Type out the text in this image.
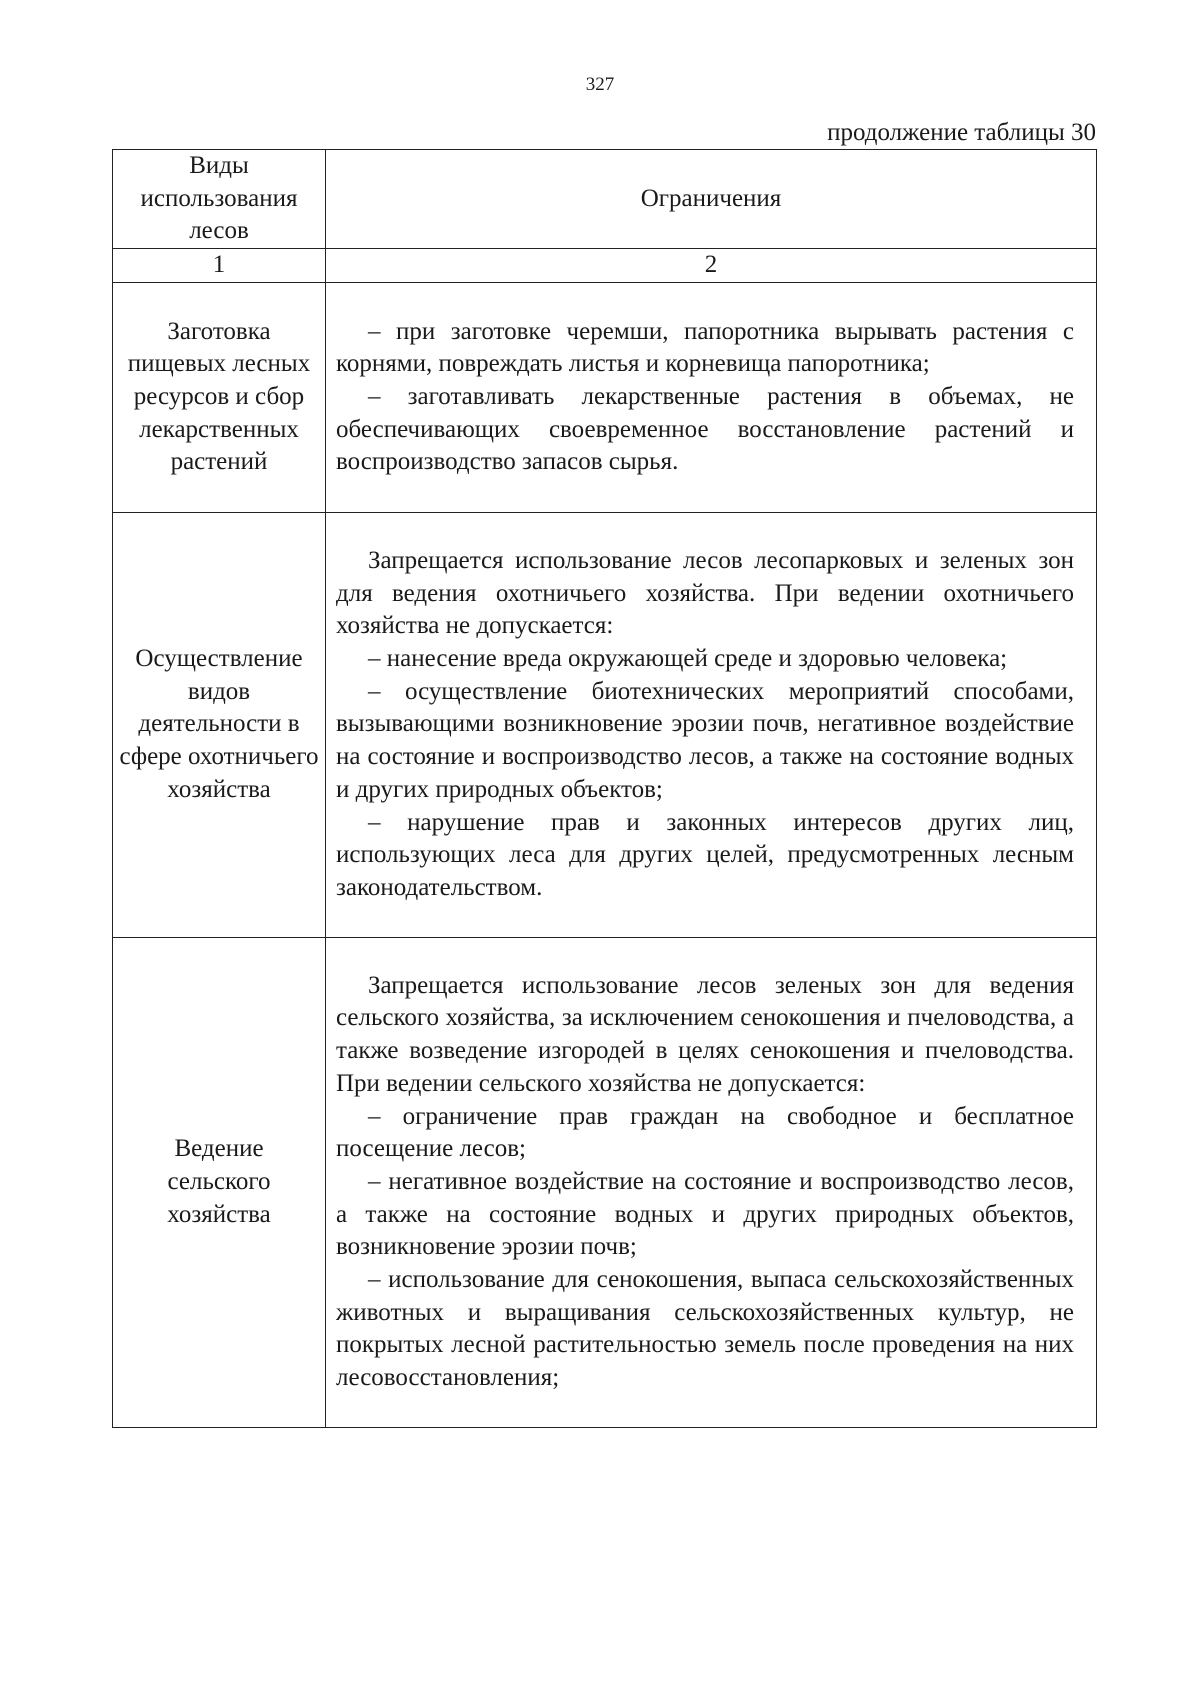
327
продолжение таблицы 30
Виды использования лесов	Ограничения
1	2
Заготовка пищевых лесных ресурсов и сбор лекарственных растений	– при заготовке черемши, папоротника вырывать растения с корнями, повреждать листья и корневища папоротника;

– заготавливать лекарственные растения в объемах, не обеспечивающих своевременное восстановление растений и воспроизводство запасов сырья.

Осуществление видов деятельности в сфере охотничьего хозяйства	Запрещается использование лесов лесопарковых и зеленых зон для ведения охотничьего хозяйства. При ведении охотничьего хозяйства не допускается:

– нанесение вреда окружающей среде и здоровью человека;

– осуществление биотехнических мероприятий способами, вызывающими возникновение эрозии почв, негативное воздействие на состояние и воспроизводство лесов, а также на состояние водных и других природных объектов;

– нарушение прав и законных интересов других лиц, использующих леса для других целей, предусмотренных лесным законодательством.

Ведение сельского хозяйства	Запрещается использование лесов зеленых зон для ведения сельского хозяйства, за исключением сенокошения и пчеловодства, а также возведение изгородей в целях сенокошения и пчеловодства. При ведении сельского хозяйства не допускается:

– ограничение прав граждан на свободное и бесплатное посещение лесов;

– негативное воздействие на состояние и воспроизводство лесов, а также на состояние водных и других природных объектов, возникновение эрозии почв;

– использование для сенокошения, выпаса сельскохозяйственных животных и выращивания сельскохозяйственных культур, не покрытых лесной растительностью земель после проведения на них лесовосстановления;
